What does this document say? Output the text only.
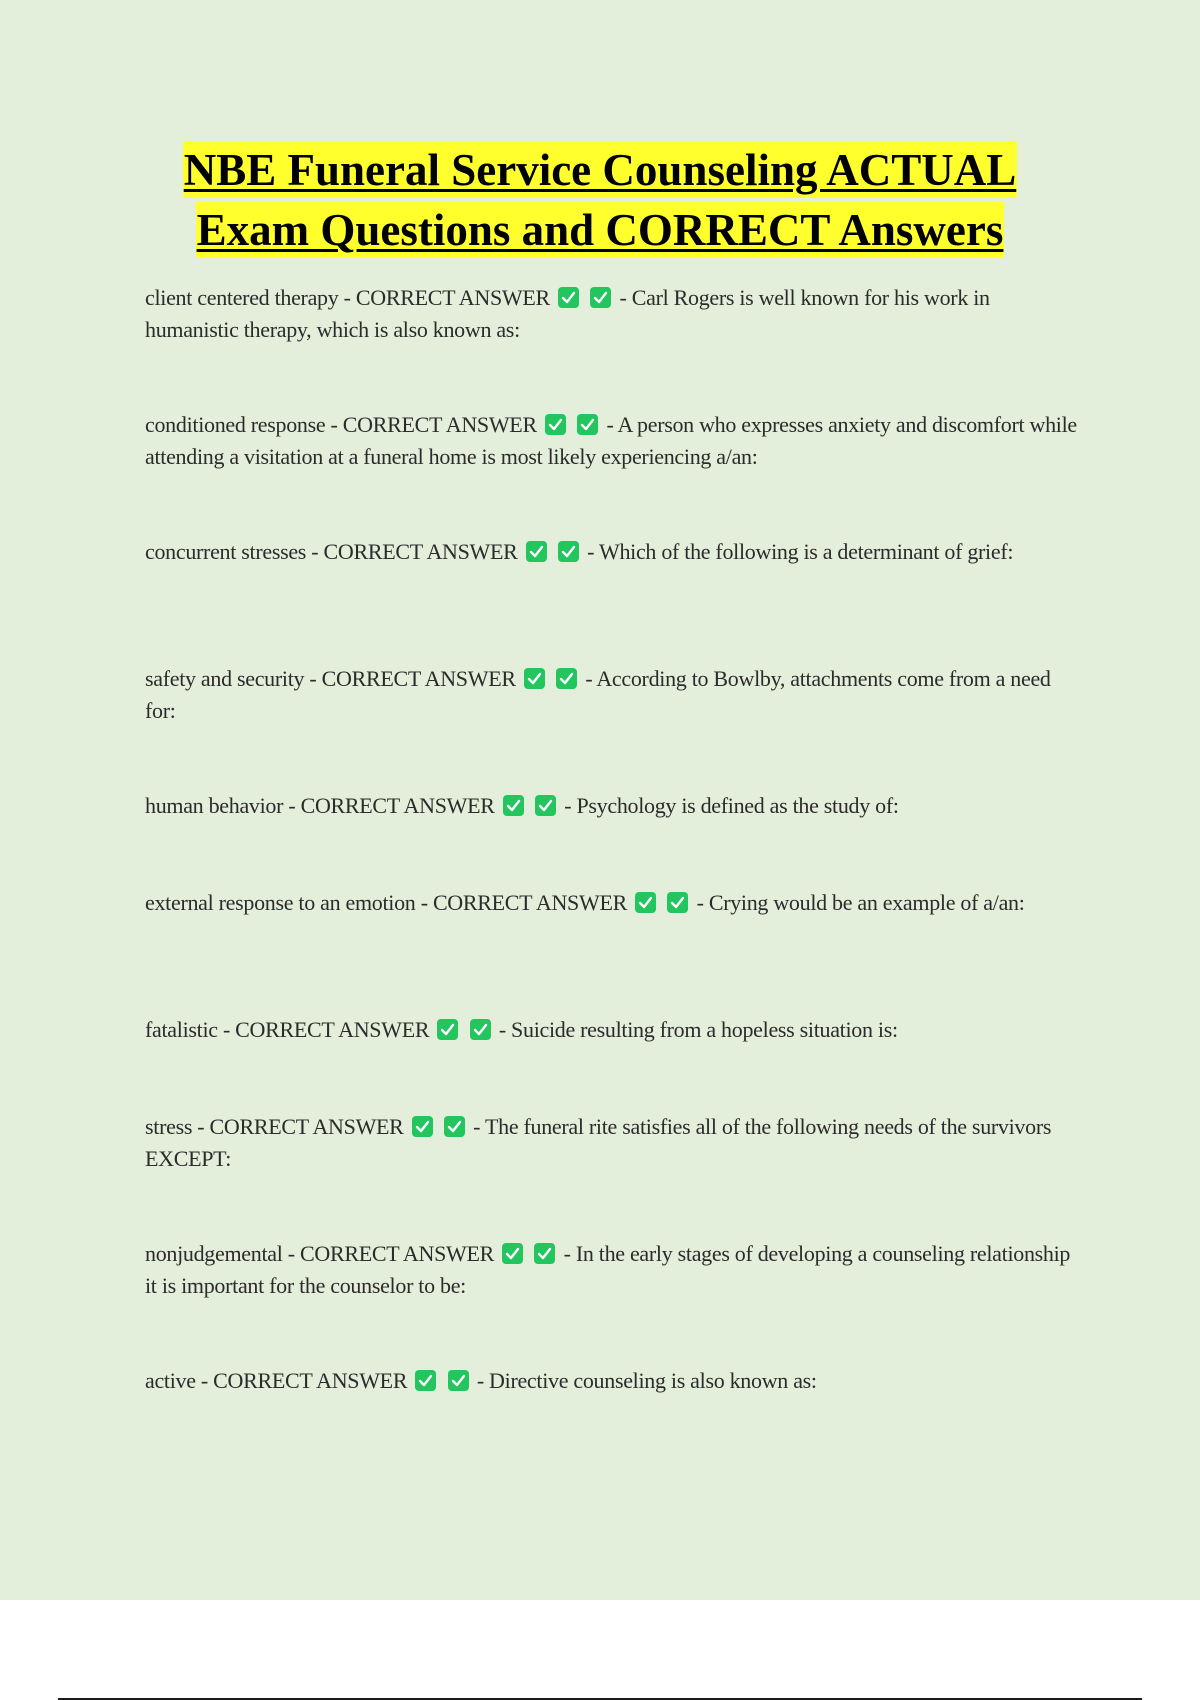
NBE Funeral Service Counseling ACTUAL
Exam Questions and CORRECT Answers

client centered therapy - CORRECT ANSWER
	- Carl Rogers is well known for his work in humanistic therapy, which is also known as:

conditioned response - CORRECT ANSWER
	- A person who expresses anxiety and discomfort while attending a visitation at a funeral home is most likely experiencing a/an:

concurrent stresses - CORRECT ANSWER
	- Which of the following is a determinant of grief:

safety and security - CORRECT ANSWER
	- According to Bowlby, attachments come from a need for:

human behavior - CORRECT ANSWER
	- Psychology is defined as the study of:

external response to an emotion - CORRECT ANSWER
	- Crying would be an example of a/an:

fatalistic - CORRECT ANSWER
	- Suicide resulting from a hopeless situation is:

stress - CORRECT ANSWER
	- The funeral rite satisfies all of the following needs of the survivors EXCEPT:

nonjudgemental - CORRECT ANSWER
	- In the early stages of developing a counseling relationship it is important for the counselor to be:

active - CORRECT ANSWER
	- Directive counseling is also known as:
